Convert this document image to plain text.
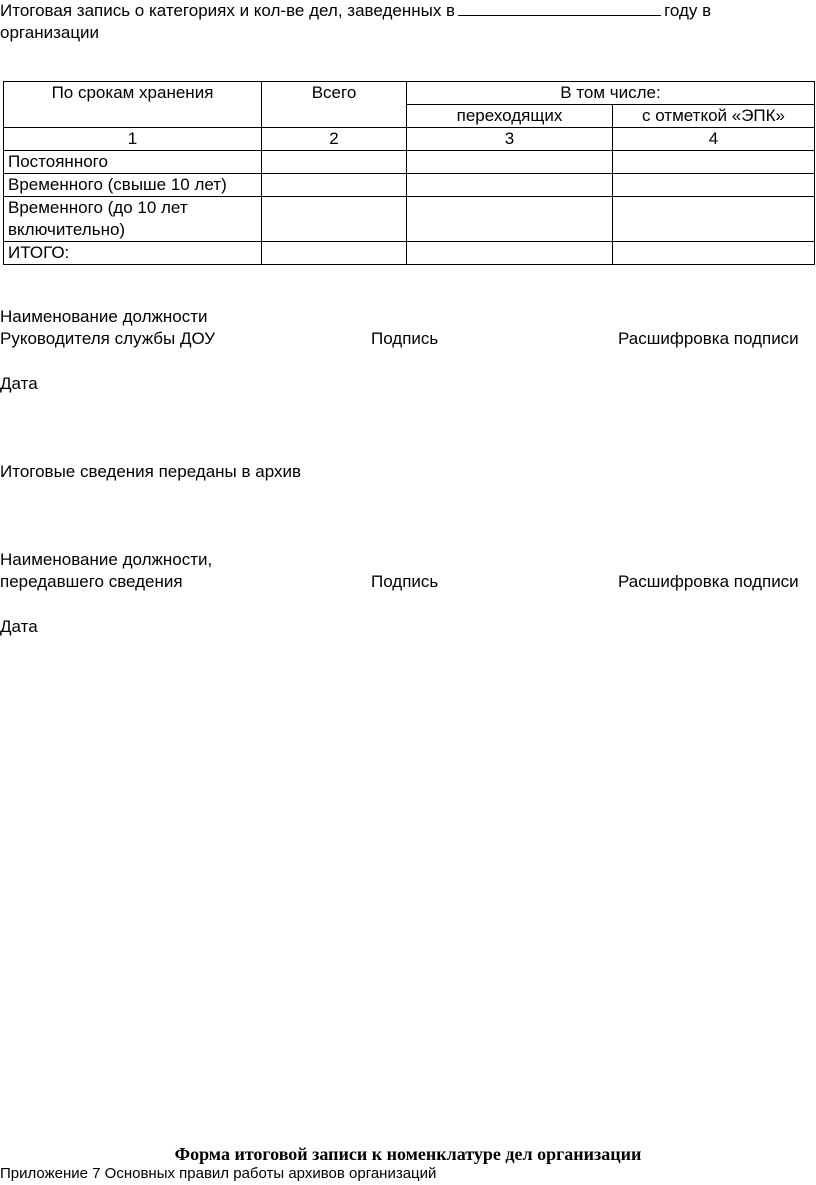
Итоговая запись о категориях и кол-ве дел, заведенных в	году в
организации
По срокам хранения	Всего	В том числе:	
		переходящих	с отметкой «ЭПК»
1	2	3	4
Постоянного			
Временного (свыше 10 лет)			
Временного (до 10 лет включительно)			
ИТОГО:			
Наименование должности
Руководителя службы ДОУ	Подпись	Расшифровка подписи
Дата
Итоговые сведения переданы в архив
Наименование должности,
передавшего сведения	Подпись	Расшифровка подписи
Дата
Форма итоговой записи к номенклатуре дел организации
Приложение 7 Основных правил работы архивов организаций
